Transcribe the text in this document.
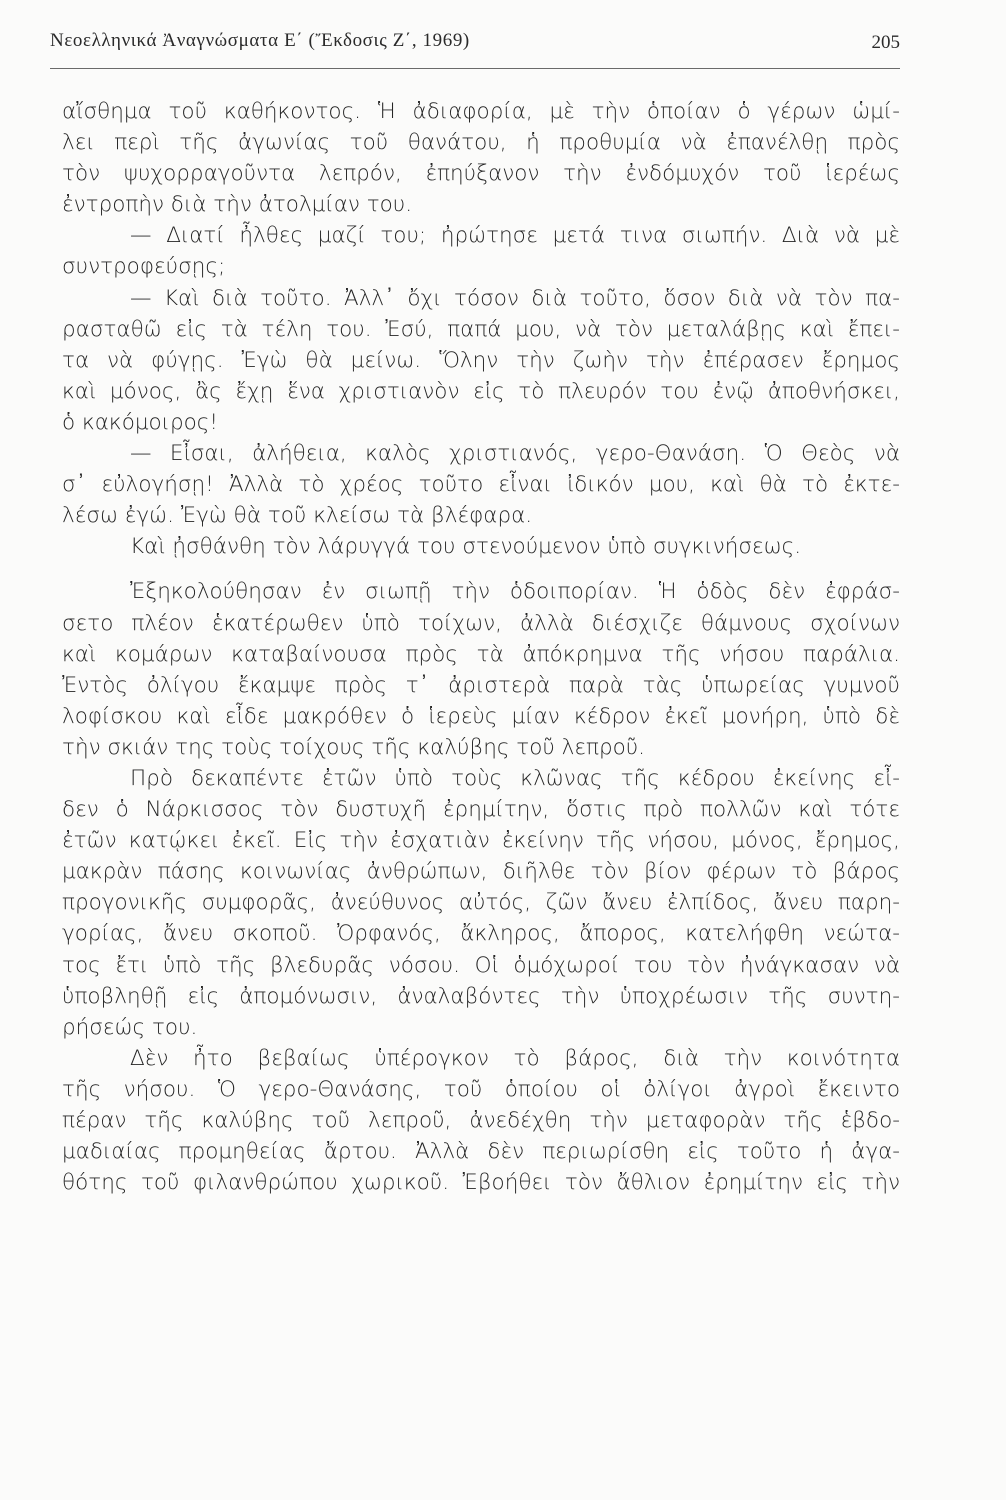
Νεοελληνικά Ἀναγνώσματα Ε΄ (Ἔκδοσις Ζ΄, 1969)	205
αἴσθημα τοῦ καθήκοντος. Ἡ ἀδιαφορία, μὲ τὴν ὁποίαν ὁ γέρων ὡμί-
λει περὶ τῆς ἀγωνίας τοῦ θανάτου, ἡ προθυμία νὰ ἐπανέλθῃ πρὸς
τὸν ψυχορραγοῦντα λεπρόν, ἐπηύξανον τὴν ἐνδόμυχόν τοῦ ἱερέως
ἐντροπὴν διὰ τὴν ἀτολμίαν του.
— Διατί ἦλθες μαζί του; ἠρώτησε μετά τινα σιωπήν. Διὰ νὰ μὲ
συντροφεύσῃς;
— Καὶ διὰ τοῦτο. Ἀλλ᾿ ὄχι τόσον διὰ τοῦτο, ὅσον διὰ νὰ τὸν πα-
ρασταθῶ εἰς τὰ τέλη του. Ἐσύ, παπά μου, νὰ τὸν μεταλάβῃς καὶ ἔπει-
τα νὰ φύγῃς. Ἐγὼ θὰ μείνω. Ὅλην τὴν ζωὴν τὴν ἐπέρασεν ἔρημος
καὶ μόνος, ἂς ἔχῃ ἕνα χριστιανὸν εἰς τὸ πλευρόν του ἐνῷ ἀποθνήσκει,
ὁ κακόμοιρος!
— Εἶσαι, ἀλήθεια, καλὸς χριστιανός, γερο-Θανάση. Ὁ Θεὸς νὰ
σ᾿ εὐλογήσῃ! Ἀλλὰ τὸ χρέος τοῦτο εἶναι ἰδικόν μου, καὶ θὰ τὸ ἐκτε-
λέσω ἐγώ. Ἐγὼ θὰ τοῦ κλείσω τὰ βλέφαρα.
Καὶ ᾐσθάνθη τὸν λάρυγγά του στενούμενον ὑπὸ συγκινήσεως.
Ἐξηκολούθησαν ἐν σιωπῇ τὴν ὁδοιπορίαν. Ἡ ὁδὸς δὲν ἐφράσ-
σετο πλέον ἑκατέρωθεν ὑπὸ τοίχων, ἀλλὰ διέσχιζε θάμνους σχοίνων
καὶ κομάρων καταβαίνουσα πρὸς τὰ ἀπόκρημνα τῆς νήσου παράλια.
Ἐντὸς ὀλίγου ἔκαμψε πρὸς τ᾿ ἀριστερὰ παρὰ τὰς ὑπωρείας γυμνοῦ
λοφίσκου καὶ εἶδε μακρόθεν ὁ ἱερεὺς μίαν κέδρον ἐκεῖ μονήρη, ὑπὸ δὲ
τὴν σκιάν της τοὺς τοίχους τῆς καλύβης τοῦ λεπροῦ.
Πρὸ δεκαπέντε ἐτῶν ὑπὸ τοὺς κλῶνας τῆς κέδρου ἐκείνης εἶ-
δεν ὁ Νάρκισσος τὸν δυστυχῆ ἐρημίτην, ὅστις πρὸ πολλῶν καὶ τότε
ἐτῶν κατῴκει ἐκεῖ. Εἰς τὴν ἐσχατιὰν ἐκείνην τῆς νήσου, μόνος, ἔρημος,
μακρὰν πάσης κοινωνίας ἀνθρώπων, διῆλθε τὸν βίον φέρων τὸ βάρος
προγονικῆς συμφορᾶς, ἀνεύθυνος αὐτός, ζῶν ἄνευ ἐλπίδος, ἄνευ παρη-
γορίας, ἄνευ σκοποῦ. Ὀρφανός, ἄκληρος, ἄπορος, κατελήφθη νεώτα-
τος ἔτι ὑπὸ τῆς βλεδυρᾶς νόσου. Οἱ ὁμόχωροί του τὸν ἠνάγκασαν νὰ
ὑποβληθῇ εἰς ἀπομόνωσιν, ἀναλαβόντες τὴν ὑποχρέωσιν τῆς συντη-
ρήσεώς του.
Δὲν ἦτο βεβαίως ὑπέρογκον τὸ βάρος, διὰ τὴν κοινότητα
τῆς νήσου. Ὁ γερο-Θανάσης, τοῦ ὁποίου οἱ ὀλίγοι ἀγροὶ ἔκειντο
πέραν τῆς καλύβης τοῦ λεπροῦ, ἀνεδέχθη τὴν μεταφορὰν τῆς ἑβδο-
μαδιαίας προμηθείας ἄρτου. Ἀλλὰ δὲν περιωρίσθη εἰς τοῦτο ἡ ἀγα-
θότης τοῦ φιλανθρώπου χωρικοῦ. Ἐβοήθει τὸν ἄθλιον ἐρημίτην εἰς τὴν
